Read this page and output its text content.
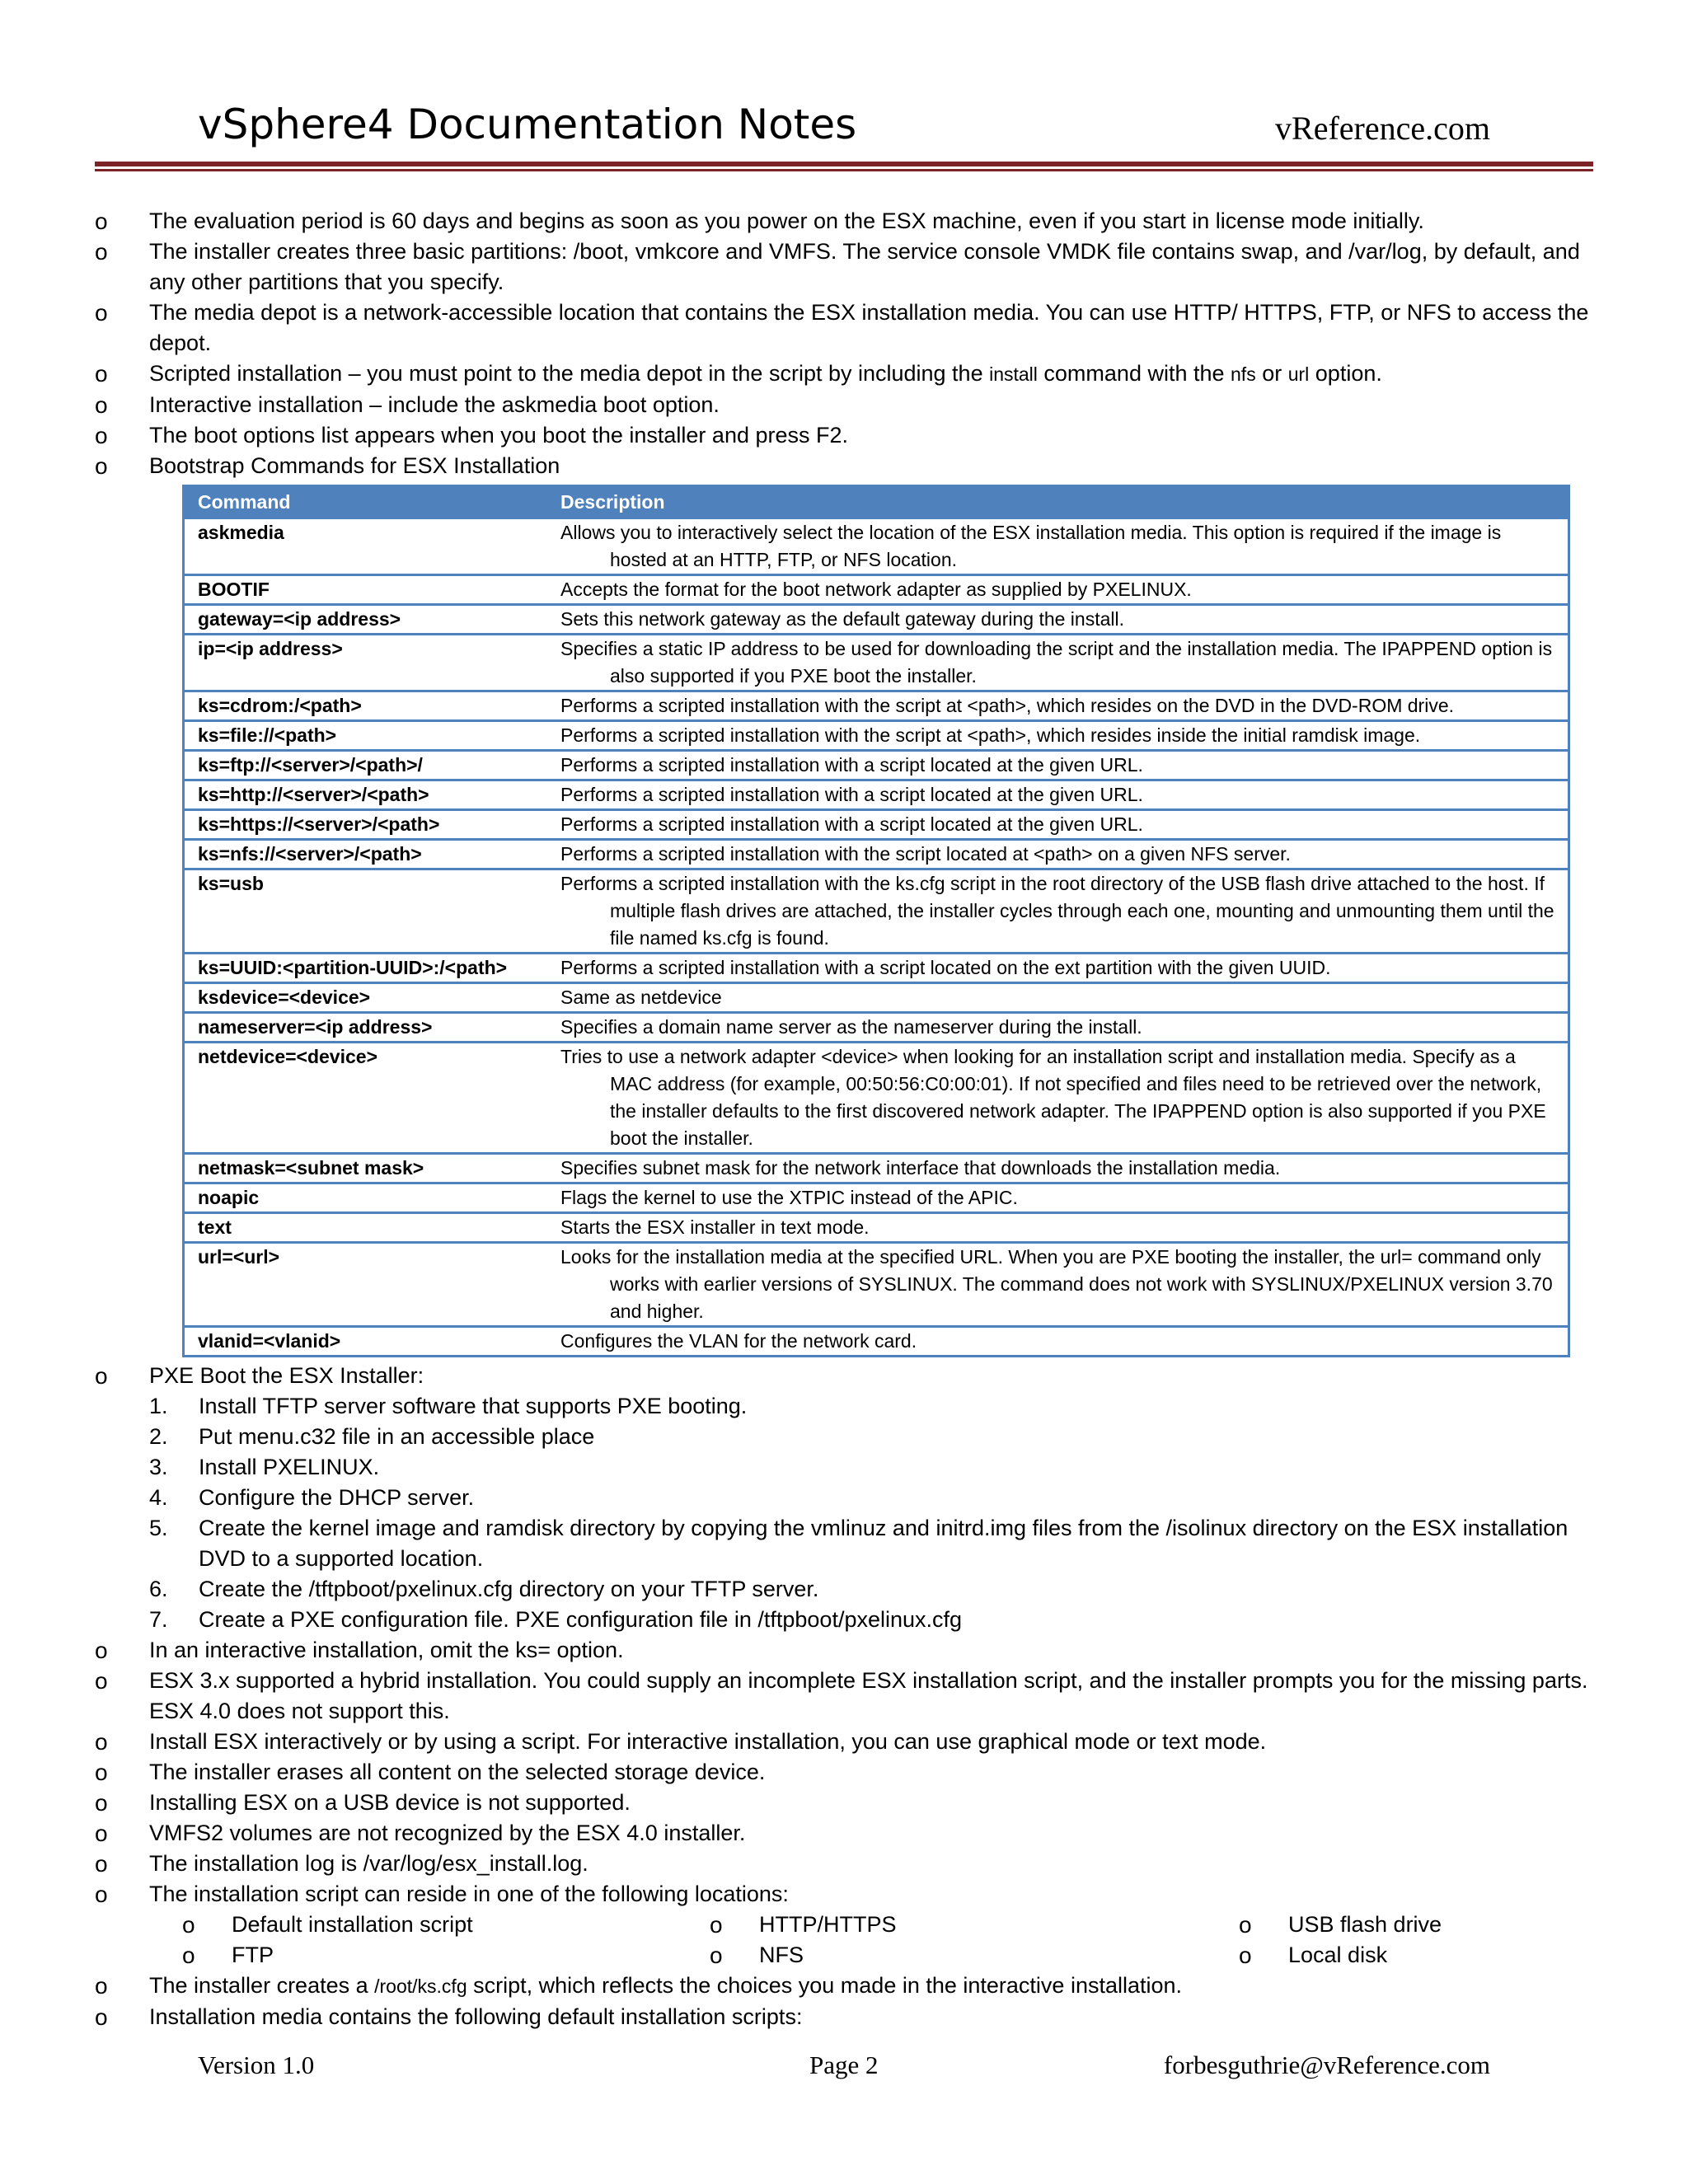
vSphere4 Documentation Notes	vReference.com
o The evaluation period is 60 days and begins as soon as you power on the ESX machine, even if you start in license mode initially.
o The installer creates three basic partitions: /boot, vmkcore and VMFS. The service console VMDK file contains swap, and /var/log, by default, and any other partitions that you specify.
o The media depot is a network-accessible location that contains the ESX installation media. You can use HTTP/ HTTPS, FTP, or NFS to access the depot.
o Scripted installation – you must point to the media depot in the script by including the install command with the nfs or url option.
o Interactive installation – include the askmedia boot option.
o The boot options list appears when you boot the installer and press F2.
o Bootstrap Commands for ESX Installation
Command	Description
askmedia	Allows you to interactively select the location of the ESX installation media. This option is required if the image is hosted at an HTTP, FTP, or NFS location.

BOOTIF	Accepts the format for the boot network adapter as supplied by PXELINUX.

gateway=<ip address>	Sets this network gateway as the default gateway during the install.

ip=<ip address>	Specifies a static IP address to be used for downloading the script and the installation media. The IPAPPEND option is also supported if you PXE boot the installer.

ks=cdrom:/<path>	Performs a scripted installation with the script at <path>, which resides on the DVD in the DVD-ROM drive.

ks=file://<path>	Performs a scripted installation with the script at <path>, which resides inside the initial ramdisk image.

ks=ftp://<server>/<path>/	Performs a scripted installation with a script located at the given URL.

ks=http://<server>/<path>	Performs a scripted installation with a script located at the given URL.

ks=https://<server>/<path>	Performs a scripted installation with a script located at the given URL.

ks=nfs://<server>/<path>	Performs a scripted installation with the script located at <path> on a given NFS server.

ks=usb	Performs a scripted installation with the ks.cfg script in the root directory of the USB flash drive attached to the host. If multiple flash drives are attached, the installer cycles through each one, mounting and unmounting them until the file named ks.cfg is found.

ks=UUID:<partition-UUID>:/<path>	Performs a scripted installation with a script located on the ext partition with the given UUID.

ksdevice=<device>	Same as netdevice

nameserver=<ip address>	Specifies a domain name server as the nameserver during the install.

netdevice=<device>	Tries to use a network adapter <device> when looking for an installation script and installation media. Specify as a MAC address (for example, 00:50:56:C0:00:01). If not specified and files need to be retrieved over the network, the installer defaults to the first discovered network adapter. The IPAPPEND option is also supported if you PXE boot the installer.

netmask=<subnet mask>	Specifies subnet mask for the network interface that downloads the installation media.

noapic	Flags the kernel to use the XTPIC instead of the APIC.

text	Starts the ESX installer in text mode.

url=<url>	Looks for the installation media at the specified URL. When you are PXE booting the installer, the url= command only works with earlier versions of SYSLINUX. The command does not work with SYSLINUX/PXELINUX version 3.70 and higher.

vlanid=<vlanid>	Configures the VLAN for the network card.
o PXE Boot the ESX Installer:
1. Install TFTP server software that supports PXE booting.
2. Put menu.c32 file in an accessible place
3. Install PXELINUX.
4. Configure the DHCP server.
5. Create the kernel image and ramdisk directory by copying the vmlinuz and initrd.img files from the /isolinux directory on the ESX installation DVD to a supported location.
6. Create the /tftpboot/pxelinux.cfg directory on your TFTP server.
7. Create a PXE configuration file. PXE configuration file in /tftpboot/pxelinux.cfg
o In an interactive installation, omit the ks= option.
o ESX 3.x supported a hybrid installation. You could supply an incomplete ESX installation script, and the installer prompts you for the missing parts. ESX 4.0 does not support this.
o Install ESX interactively or by using a script. For interactive installation, you can use graphical mode or text mode.
o The installer erases all content on the selected storage device.
o Installing ESX on a USB device is not supported.
o VMFS2 volumes are not recognized by the ESX 4.0 installer.
o The installation log is /var/log/esx_install.log.
o The installation script can reside in one of the following locations:
o Default installation script
o FTP
o HTTP/HTTPS
o NFS
o USB flash drive
o Local disk
o The installer creates a /root/ks.cfg script, which reflects the choices you made in the interactive installation.
o Installation media contains the following default installation scripts:
Version 1.0	Page 2	forbesguthrie@vReference.com
